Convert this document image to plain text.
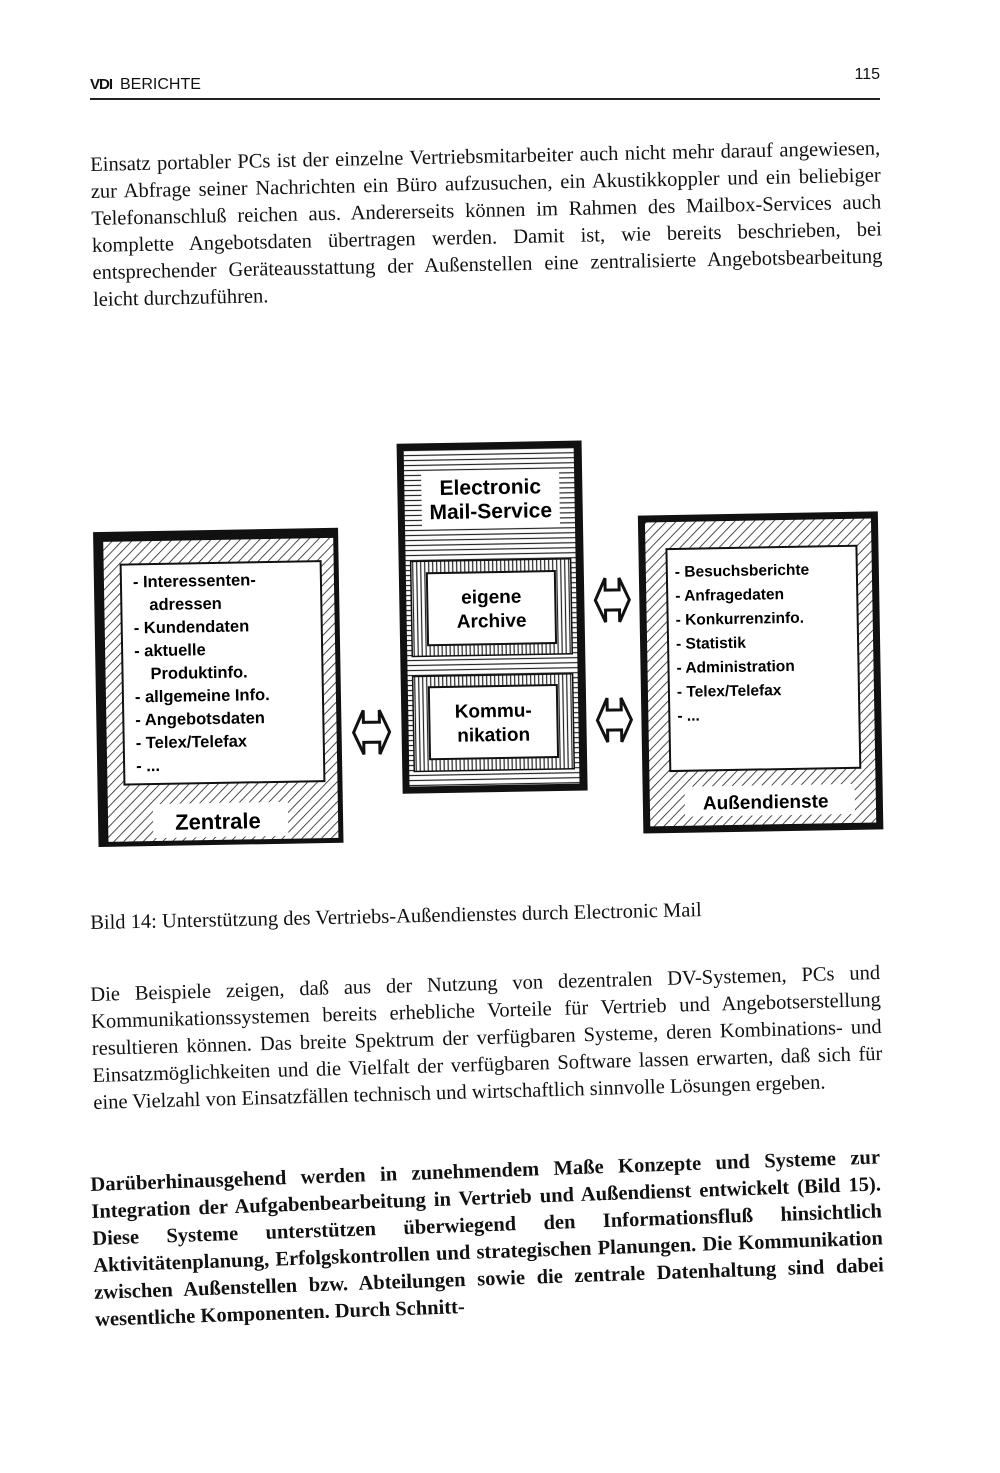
VDI BERICHTE
115
Einsatz portabler PCs ist der einzelne Vertriebsmitarbeiter auch nicht mehr darauf angewiesen, zur Abfrage seiner Nachrichten ein Büro aufzusuchen, ein Akustikkoppler und ein beliebiger Telefonanschluß reichen aus. Andererseits können im Rahmen des Mailbox-Services auch komplette Angebotsdaten übertragen werden. Damit ist, wie bereits beschrieben, bei entsprechender Geräteausstattung der Außenstellen eine zentralisierte Angebotsbearbeitung leicht durchzuführen.
Zentrale
- Interessenten- adressen - Kundendaten - aktuelle Produktinfo. - allgemeine Info. - Angebotsdaten - Telex/Telefax - ...
Electronic
Mail-Service
eigene
Archive
Kommu-
nikation
Außendienste
- Besuchsberichte - Anfragedaten - Konkurrenzinfo. - Statistik - Administration - Telex/Telefax - ...
Bild 14: Unterstützung des Vertriebs-Außendienstes durch Electronic Mail
Die Beispiele zeigen, daß aus der Nutzung von dezentralen DV-Systemen, PCs und Kommunikationssystemen bereits erhebliche Vorteile für Vertrieb und Angebotserstellung resultieren können. Das breite Spektrum der verfügbaren Systeme, deren Kombinations- und Einsatzmöglichkeiten und die Vielfalt der verfügbaren Software lassen erwarten, daß sich für eine Vielzahl von Einsatzfällen technisch und wirtschaftlich sinnvolle Lösungen ergeben.
Darüberhinausgehend werden in zunehmendem Maße Konzepte und Systeme zur Integration der Aufgabenbearbeitung in Vertrieb und Außendienst entwickelt (Bild 15). Diese Systeme unterstützen überwiegend den Informationsfluß hinsichtlich Aktivitätenplanung, Erfolgskontrollen und strategischen Planungen. Die Kommunikation zwischen Außenstellen bzw. Abteilungen sowie die zentrale Datenhaltung sind dabei wesentliche Komponenten. Durch Schnitt-
